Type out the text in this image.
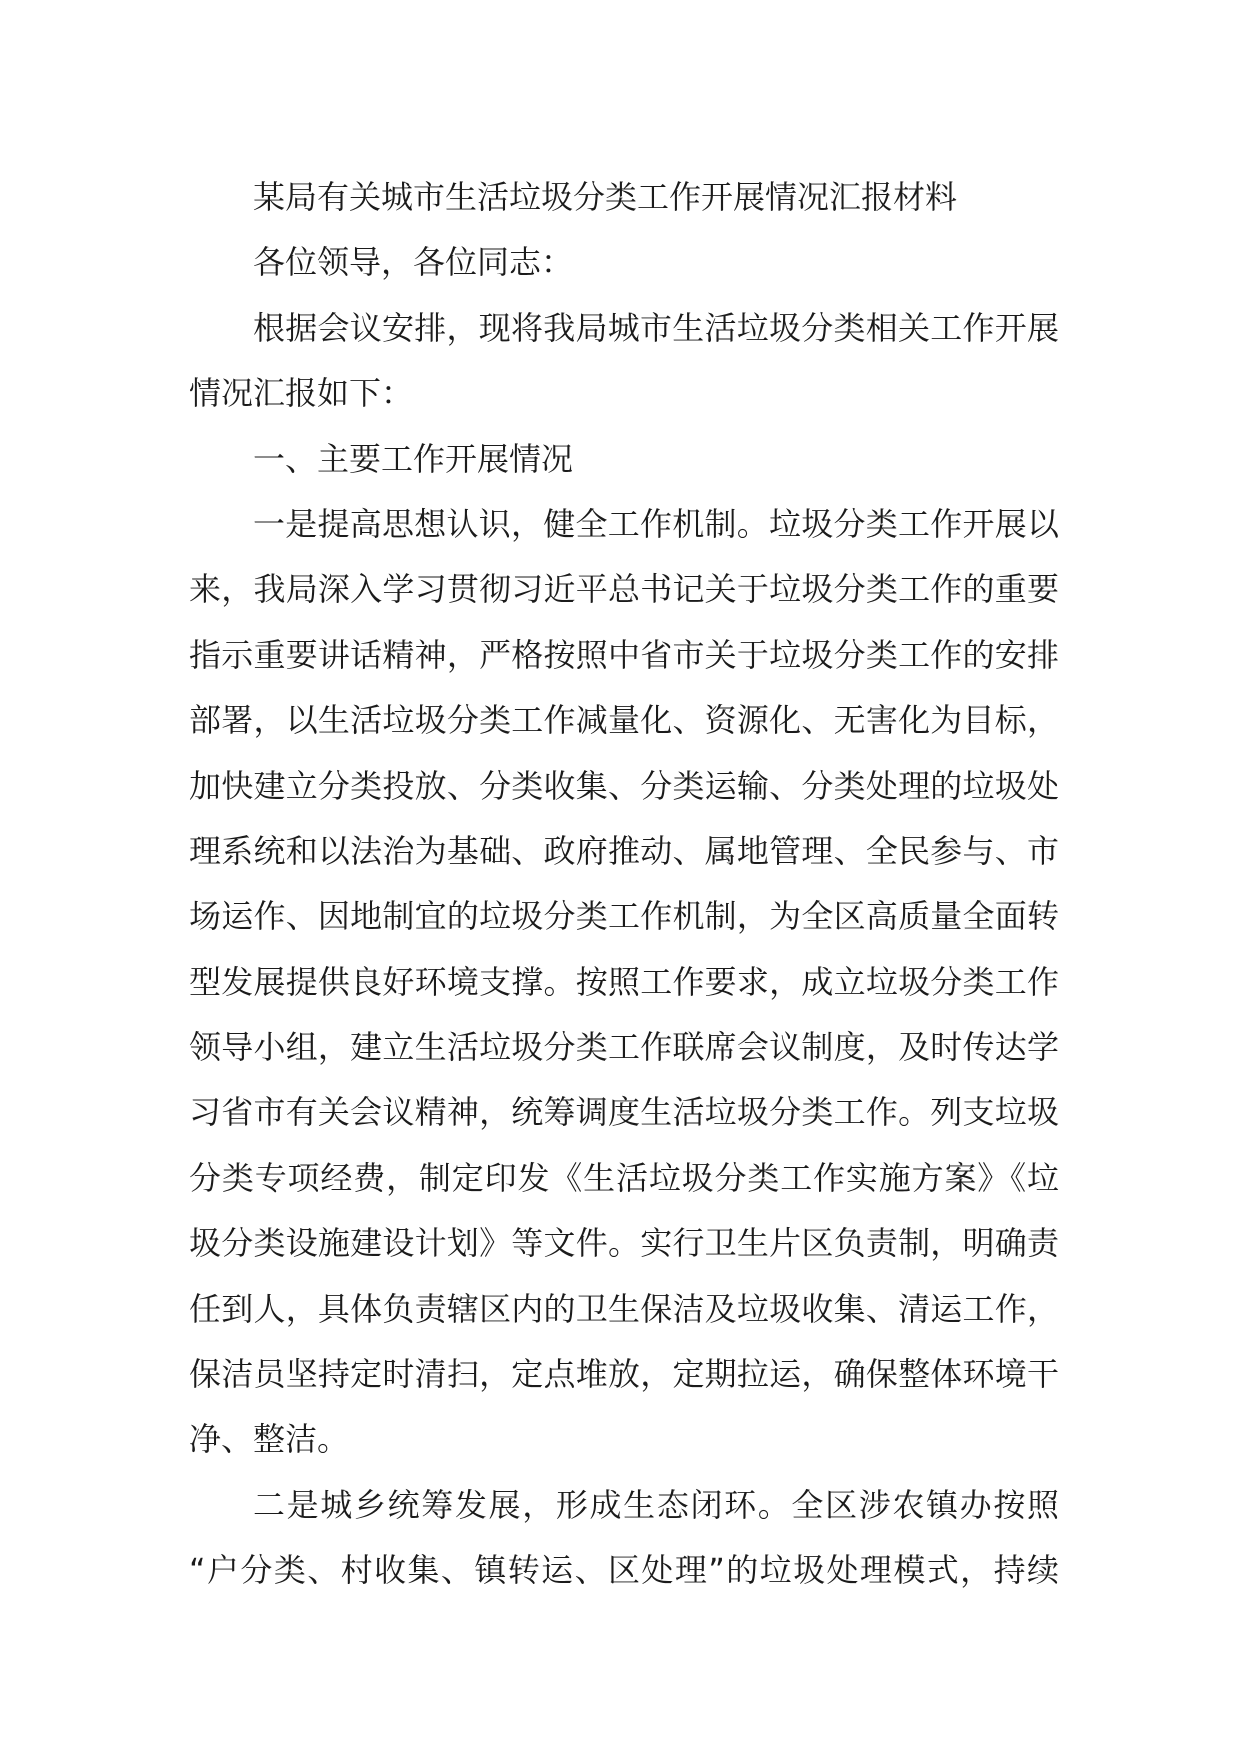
某局有关城市生活垃圾分类工作开展情况汇报材料
各位领导，各位同志：
根据会议安排，现将我局城市生活垃圾分类相关工作开展
情况汇报如下：
一、主要工作开展情况
一是提高思想认识，健全工作机制。垃圾分类工作开展以
来，我局深入学习贯彻习近平总书记关于垃圾分类工作的重要
指示重要讲话精神，严格按照中省市关于垃圾分类工作的安排
部署，以生活垃圾分类工作减量化、资源化、无害化为目标，
加快建立分类投放、分类收集、分类运输、分类处理的垃圾处
理系统和以法治为基础、政府推动、属地管理、全民参与、市
场运作、因地制宜的垃圾分类工作机制，为全区高质量全面转
型发展提供良好环境支撑。按照工作要求，成立垃圾分类工作
领导小组，建立生活垃圾分类工作联席会议制度，及时传达学
习省市有关会议精神，统筹调度生活垃圾分类工作。列支垃圾
分类专项经费，制定印发《生活垃圾分类工作实施方案》《垃
圾分类设施建设计划》等文件。实行卫生片区负责制，明确责
任到人，具体负责辖区内的卫生保洁及垃圾收集、清运工作，
保洁员坚持定时清扫，定点堆放，定期拉运，确保整体环境干
净、整洁。
二是城乡统筹发展，形成生态闭环。全区涉农镇办按照
“户分类、村收集、镇转运、区处理”的垃圾处理模式，持续
